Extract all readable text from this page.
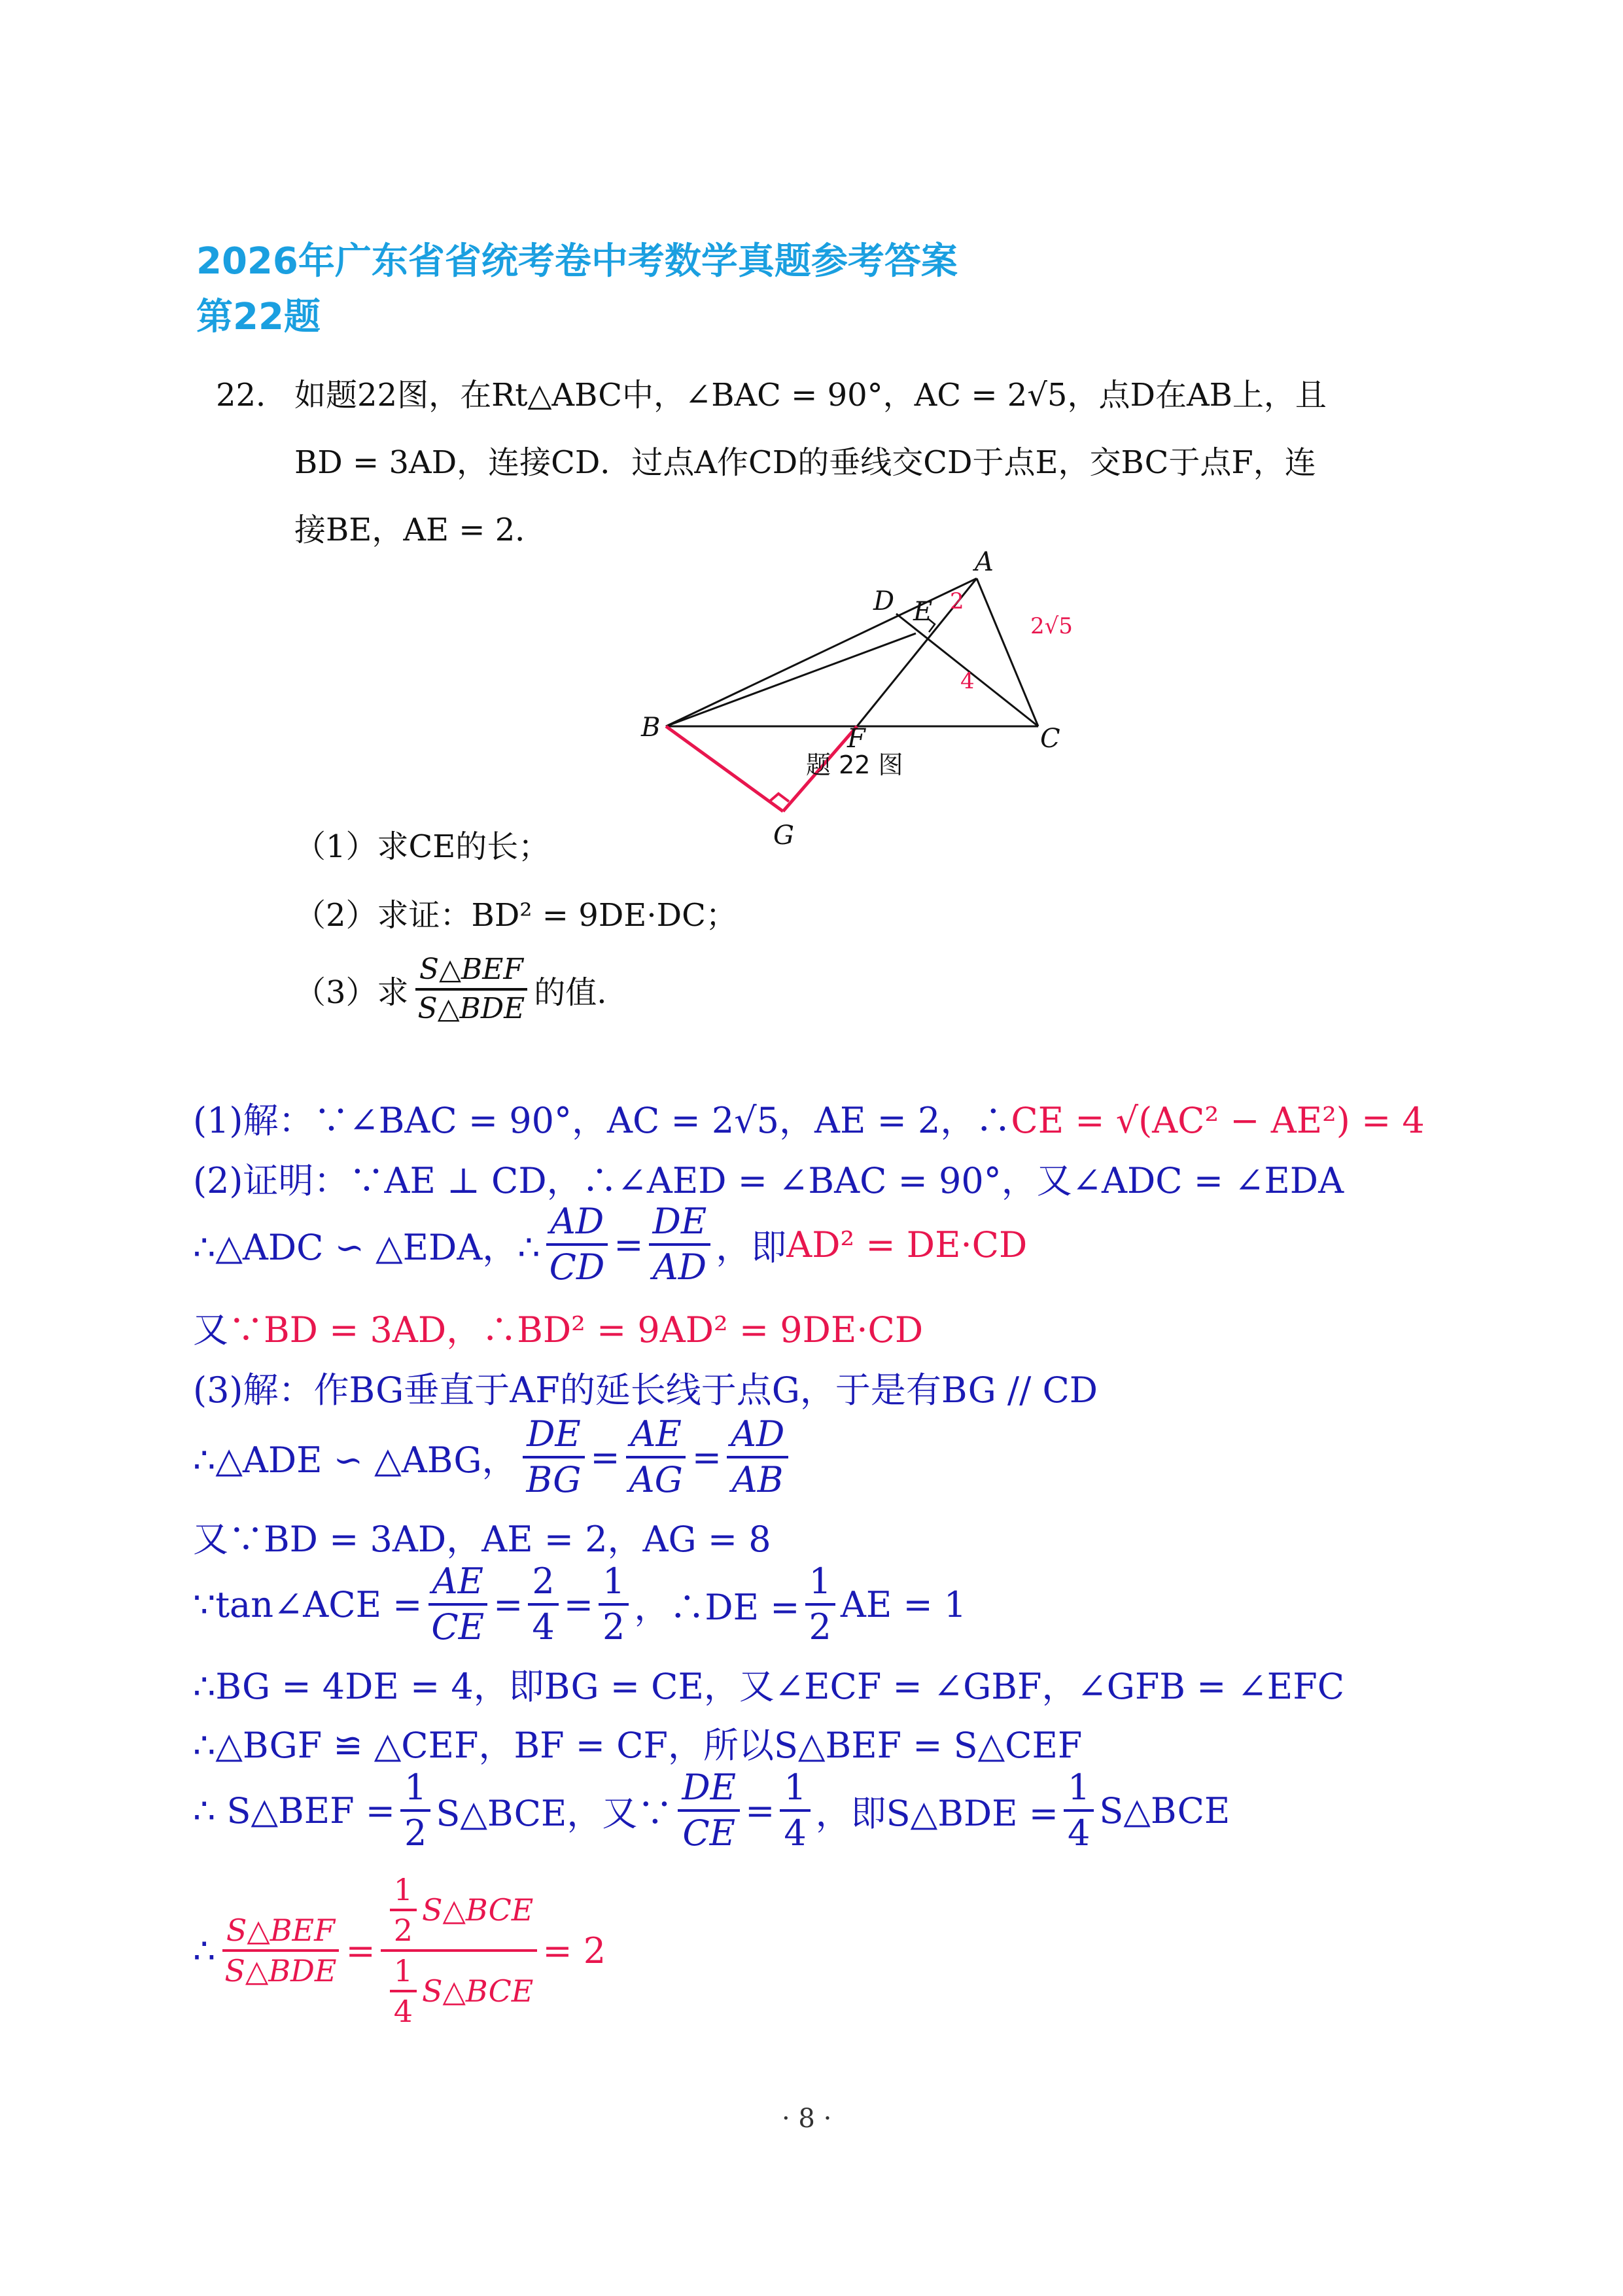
2026年广东省省统考卷中考数学真题参考答案
第22题
22． 如题22图，在Rt△ABC中，∠BAC = 90°，AC = 2√5，点D在AB上，且
BD = 3AD，连接CD．过点A作CD的垂线交CD于点E，交BC于点F，连
接BE，AE = 2．
A
B	C
D E
F
G
2
2√5
4
题 22 图
（1）求CE的长；
（2）求证：BD² = 9DE·DC；
（3）求 $\frac{\text{S△BEF}}{\text{S△BDE}}$ 的值.
(1)解：∵∠BAC = 90°，AC = 2√5，AE = 2，∴CE = √(AC² − AE²) = 4
(2)证明：∵AE ⊥ CD，∴∠AED = ∠BAC = 90°，又∠ADC = ∠EDA
∴△ADC ∽ △EDA，∴ $\frac{AD}{CD} = \frac{DE}{AD}$ ，即 AD² = DE·CD
又∵BD = 3AD，∴BD² = 9AD² = 9DE·CD
(3)解：作BG垂直于AF的延长线于点G，于是有BG // CD
∴△ADE ∽ △ABG， $\frac{DE}{BG} = \frac{AE}{AG} = \frac{AD}{AB}$
又∵BD = 3AD，AE = 2，AG = 8
∵tan∠ACE = $\frac{AE}{CE} = \frac{2}{4} = \frac{1}{2}$ ，∴DE = $\frac{1}{2}$ AE = 1
∴BG = 4DE = 4，即BG = CE，又∠ECF = ∠GBF，∠GFB = ∠EFC
∴△BGF ≌ △CEF，BF = CF，所以S△BEF = S△CEF
∴ S△BEF = $\frac{1}{2}$ S△BCE，又∵ $\frac{DE}{CE} = \frac{1}{4}$ ，即S△BDE = $\frac{1}{4}$ S△BCE
∴ $\frac{\text{S△BEF}}{\text{S△BDE}} = \frac{\frac{1}{2} S\triangle BCE}{\frac{1}{4} S\triangle BCE} = 2$
· 8 ·
